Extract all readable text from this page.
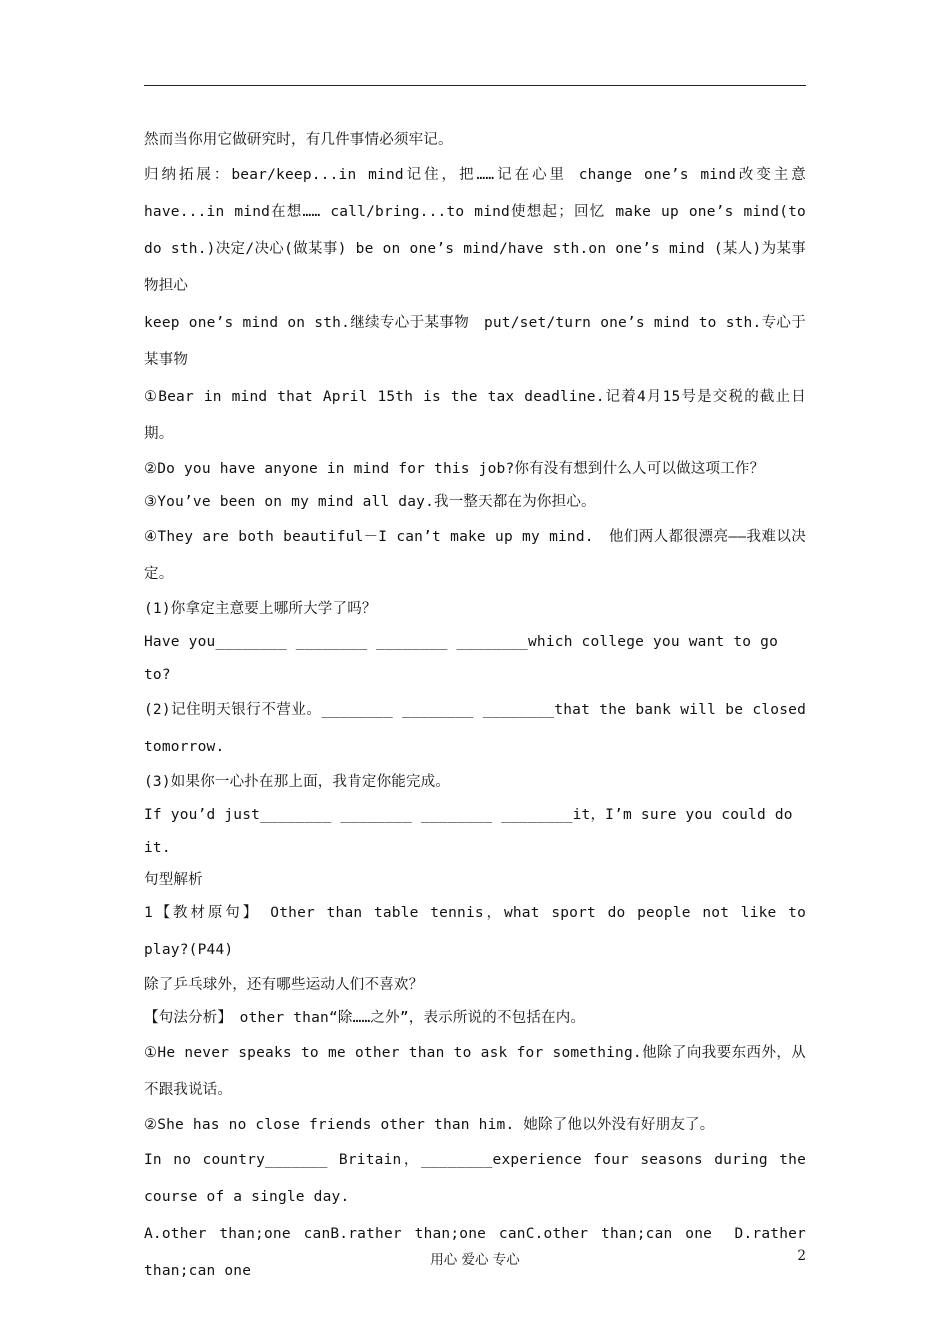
然而当你用它做研究时，有几件事情必须牢记。

归纳拓展：bear/keep...in mind记住，把……记在心里 change one’s mind改变主意 have...in mind在想…… call/bring...to mind使想起；回忆 make up one’s mind(to do sth.)决定/决心(做某事) be on one’s mind/have sth.on one’s mind (某人)为某事物担心

keep one’s mind on sth.继续专心于某事物　put/set/turn one’s mind to sth.专心于某事物

①Bear in mind that April 15th is the tax deadline.记着4月15号是交税的截止日期。

②Do you have anyone in mind for this job?你有没有想到什么人可以做这项工作？

③You’ve been on my mind all day.我一整天都在为你担心。

④They are both beautiful－I can’t make up my mind.　他们两人都很漂亮——我难以决定。

(1)你拿定主意要上哪所大学了吗？

Have you________ ________ ________ ________which college you want to go to?

(2)记住明天银行不营业。________ ________ ________that the bank will be closed tomorrow.

(3)如果你一心扑在那上面，我肯定你能完成。

If you’d just________ ________ ________ ________it，I’m sure you could do it.

句型解析

1【教材原句】　Other than table tennis，what sport do people not like to play?(P44)

除了乒乓球外，还有哪些运动人们不喜欢？

【句法分析】　other than“除……之外”，表示所说的不包括在内。

①He never speaks to me other than to ask for something.他除了向我要东西外，从不跟我说话。

②She has no close friends other than him. 她除了他以外没有好朋友了。

In no country_______ Britain，________experience four seasons during the course of a single day.

A.other than;one canB.rather than;one canC.other than;can one　D.rather than;can one

用心 爱心 专心	2
